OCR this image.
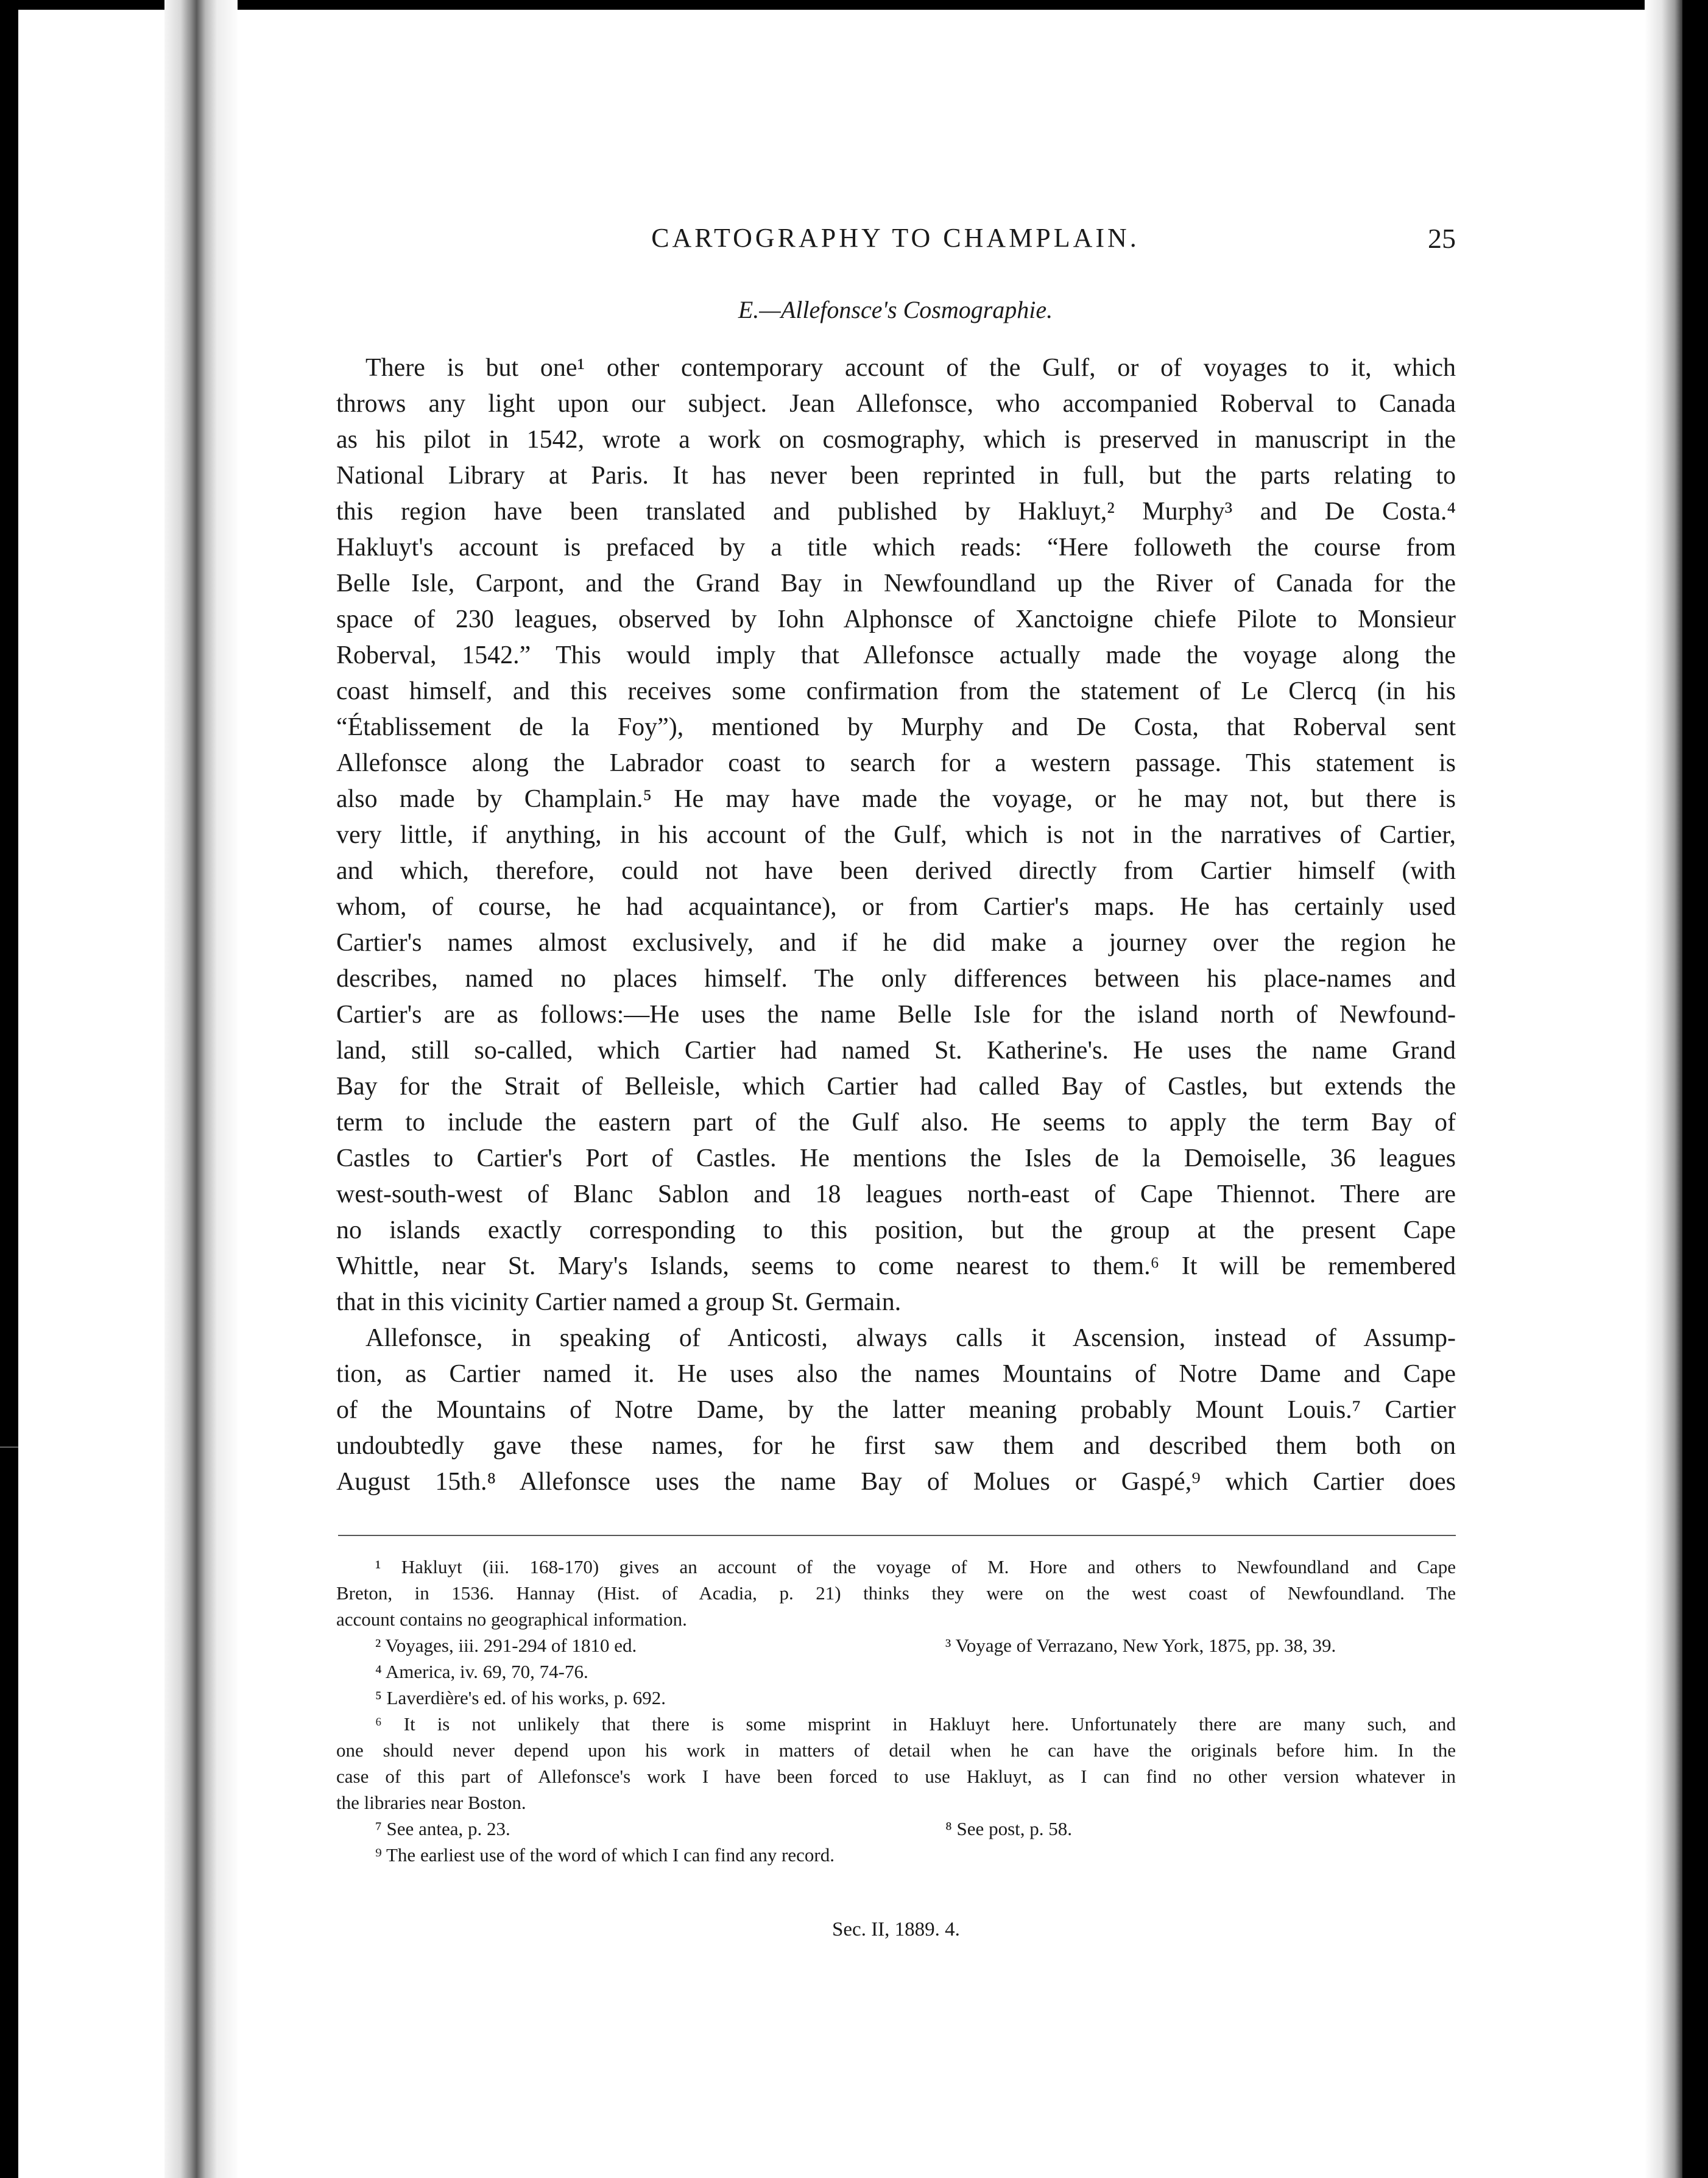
CARTOGRAPHY TO CHAMPLAIN.	25
E.—Allefonsce's Cosmographie.
There is but one¹ other contemporary account of the Gulf, or of voyages to it, which
throws any light upon our subject. Jean Allefonsce, who accompanied Roberval to Canada
as his pilot in 1542, wrote a work on cosmography, which is preserved in manuscript in the
National Library at Paris. It has never been reprinted in full, but the parts relating to
this region have been translated and published by Hakluyt,² Murphy³ and De Costa.⁴
Hakluyt's account is prefaced by a title which reads: “Here followeth the course from
Belle Isle, Carpont, and the Grand Bay in Newfoundland up the River of Canada for the
space of 230 leagues, observed by Iohn Alphonsce of Xanctoigne chiefe Pilote to Monsieur
Roberval, 1542.” This would imply that Allefonsce actually made the voyage along the
coast himself, and this receives some confirmation from the statement of Le Clercq (in his
“Établissement de la Foy”), mentioned by Murphy and De Costa, that Roberval sent
Allefonsce along the Labrador coast to search for a western passage. This statement is
also made by Champlain.⁵ He may have made the voyage, or he may not, but there is
very little, if anything, in his account of the Gulf, which is not in the narratives of Cartier,
and which, therefore, could not have been derived directly from Cartier himself (with
whom, of course, he had acquaintance), or from Cartier's maps. He has certainly used
Cartier's names almost exclusively, and if he did make a journey over the region he
describes, named no places himself. The only differences between his place-names and
Cartier's are as follows:—He uses the name Belle Isle for the island north of Newfound-
land, still so-called, which Cartier had named St. Katherine's. He uses the name Grand
Bay for the Strait of Belleisle, which Cartier had called Bay of Castles, but extends the
term to include the eastern part of the Gulf also. He seems to apply the term Bay of
Castles to Cartier's Port of Castles. He mentions the Isles de la Demoiselle, 36 leagues
west-south-west of Blanc Sablon and 18 leagues north-east of Cape Thiennot. There are
no islands exactly corresponding to this position, but the group at the present Cape
Whittle, near St. Mary's Islands, seems to come nearest to them.⁶ It will be remembered
that in this vicinity Cartier named a group St. Germain.
Allefonsce, in speaking of Anticosti, always calls it Ascension, instead of Assump-
tion, as Cartier named it. He uses also the names Mountains of Notre Dame and Cape
of the Mountains of Notre Dame, by the latter meaning probably Mount Louis.⁷ Cartier
undoubtedly gave these names, for he first saw them and described them both on
August 15th.⁸ Allefonsce uses the name Bay of Molues or Gaspé,⁹ which Cartier does
¹ Hakluyt (iii. 168-170) gives an account of the voyage of M. Hore and others to Newfoundland and Cape
Breton, in 1536. Hannay (Hist. of Acadia, p. 21) thinks they were on the west coast of Newfoundland. The
account contains no geographical information.
² Voyages, iii. 291-294 of 1810 ed.	³ Voyage of Verrazano, New York, 1875, pp. 38, 39.
⁴ America, iv. 69, 70, 74-76.
⁵ Laverdière's ed. of his works, p. 692.
⁶ It is not unlikely that there is some misprint in Hakluyt here. Unfortunately there are many such, and
one should never depend upon his work in matters of detail when he can have the originals before him. In the
case of this part of Allefonsce's work I have been forced to use Hakluyt, as I can find no other version whatever in
the libraries near Boston.
⁷ See antea, p. 23.	⁸ See post, p. 58.
⁹ The earliest use of the word of which I can find any record.
Sec. II, 1889. 4.
